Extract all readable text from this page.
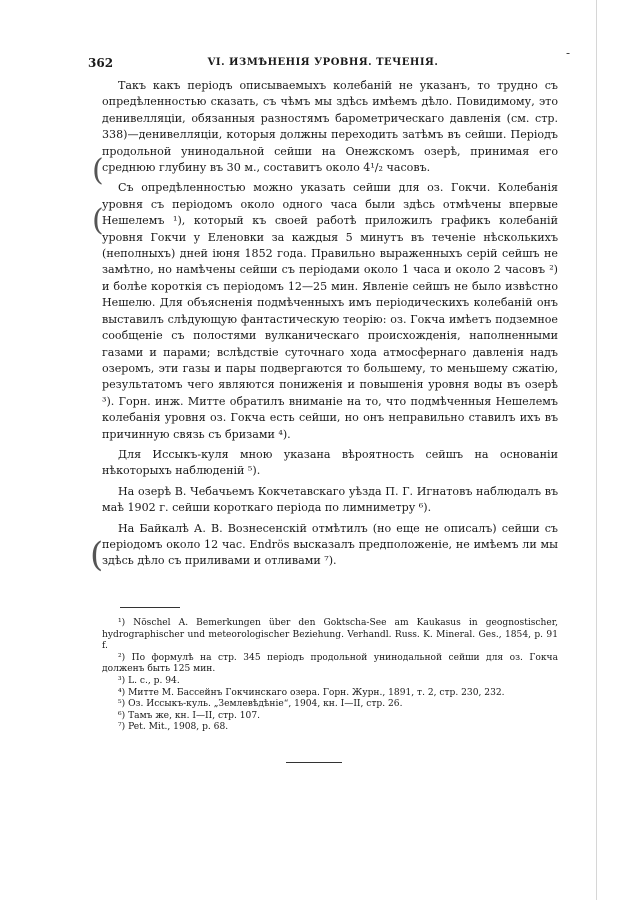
362	VI. ИЗМѢНЕНІЯ УРОВНЯ. ТЕЧЕНІЯ.
-
(
(
(

Такъ какъ періодъ описываемыхъ колебаній не указанъ, то трудно съ опредѣленностью сказать, съ чѣмъ мы здѣсь имѣемъ дѣло. Повидимому, это денивелляціи, обязанныя разностямъ барометрическаго давленія (см. стр. 338)—денивелляціи, которыя должны переходить затѣмъ въ сейши. Періодъ продольной унинодальной сейши на Онежскомъ озерѣ, принимая его среднюю глубину въ 30 м., составитъ около 4¹/₂ часовъ.

Съ опредѣленностью можно указать сейши для оз. Гокчи. Колебанія уровня съ періодомъ около одного часа были здѣсь отмѣчены впервые Нешелемъ ¹), который къ своей работѣ приложилъ графикъ колебаній уровня Гокчи у Еленовки за каждыя 5 минутъ въ теченіе нѣсколькихъ (неполныхъ) дней іюня 1852 года. Правильно выраженныхъ серій сейшъ не замѣтно, но намѣчены сейши съ періодами около 1 часа и около 2 часовъ ²) и болѣе короткія съ періодомъ 12—25 мин. Явленіе сейшъ не было извѣстно Нешелю. Для объясненія подмѣченныхъ имъ періодическихъ колебаній онъ выставилъ слѣдующую фантастическую теорію: оз. Гокча имѣетъ подземное сообщеніе съ полостями вулканическаго происхожденія, наполненными газами и парами; вслѣдствіе суточнаго хода атмосфернаго давленія надъ озеромъ, эти газы и пары подвергаются то большему, то меньшему сжатію, результатомъ чего являются пониженія и повышенія уровня воды въ озерѣ ³). Горн. инж. Митте обратилъ вниманіе на то, что подмѣченныя Нешелемъ колебанія уровня оз. Гокча есть сейши, но онъ неправильно ставилъ ихъ въ причинную связь съ бризами ⁴).

Для Иссыкъ-куля мною указана вѣроятность сейшъ на основаніи нѣкоторыхъ наблюденій ⁵).

На озерѣ В. Чебачьемъ Кокчетавскаго уѣзда П. Г. Игнатовъ наблюдалъ въ маѣ 1902 г. сейши короткаго періода по лимниметру ⁶).

На Байкалѣ А. В. Вознесенскій отмѣтилъ (но еще не описалъ) сейши съ періодомъ около 12 час. Endrös высказалъ предположеніе, не имѣемъ ли мы здѣсь дѣло съ приливами и отливами ⁷).

¹) Nöschel A. Bemerkungen über den Goktscha-See am Kaukasus in geognostischer, hydrographischer und meteorologischer Beziehung. Verhandl. Russ. K. Mineral. Ges., 1854, p. 91 f.

²) По формулѣ на стр. 345 періодъ продольной унинодальной сейши для оз. Гокча долженъ быть 125 мин.

³) L. c., p. 94.

⁴) Митте М. Бассейнъ Гокчинскаго озера. Горн. Журн., 1891, т. 2, стр. 230, 232.

⁵) Оз. Иссыкъ-куль. „Землевѣдѣніе“, 1904, кн. I—II, стр. 26.

⁶) Тамъ же, кн. I—II, стр. 107.

⁷) Pet. Mit., 1908, p. 68.
